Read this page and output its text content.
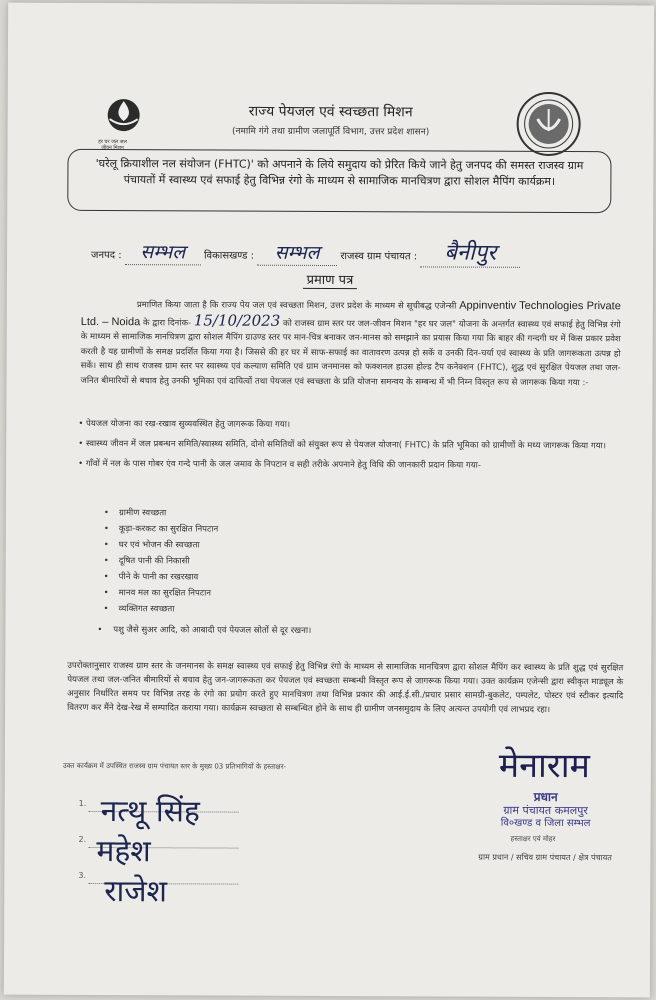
हर घर जल जल जीवन मिशन
राज्य पेयजल एवं स्वच्छता मिशन
(नमामि गंगे तथा ग्रामीण जलापूर्ति विभाग, उत्तर प्रदेश शासन)
'घरेलू क्रियाशील नल संयोजन (FHTC)' को अपनाने के लिये समुदाय को प्रेरित किये जाने हेतु जनपद की समस्त राजस्व ग्राम पंचायतों में स्वास्थ्य एवं सफाई हेतु विभिन्न रंगो के माध्यम से सामाजिक मानचित्रण द्वारा सोशल मैपिंग कार्यक्रम।
जनपद : सम्भल विकासखण्ड : सम्भल राजस्व ग्राम पंचायत : बैनीपुर
प्रमाण पत्र
प्रमाणित किया जाता है कि राज्य पेय जल एवं स्वच्छता मिशन, उत्तर प्रदेश के माध्यम से सूचीबद्ध एजेन्सी Appinventiv Technologies Private Ltd. – Noida के द्वारा दिनांक- 15/10/2023 को राजस्व ग्राम स्तर पर जल-जीवन मिशन "हर घर जल" योजना के अन्तर्गत स्वास्थ्य एवं सफाई हेतु विभिन्न रंगो के माध्यम से सामाजिक मानचित्रण द्वारा सोशल मैपिंग ग्राउण्ड स्तर पर मान-चित्र बनाकर जन-मानस को समझाने का प्रयास किया गया कि बाहर की गन्दगी घर में किस प्रकार प्रवेश करती है यह ग्रामीणों के समक्ष प्रदर्शित किया गया है। जिससे की हर घर में साफ-सफाई का वातावरण उत्पन्न हो सकें व उनकी दिन-चर्या एवं स्वास्थ्य के प्रति जागरूकता उत्पन्न हो सकें। साथ ही साथ राजस्व ग्राम स्तर पर स्वास्थ्य एवं कल्याण समिति एवं ग्राम जनमानस को फक्शनल हाउस होल्ड टैप कनेक्शन (FHTC), शुद्ध एवं सुरक्षित पेयजल तथा जल-जनित बीमारियों से बचाव हेतु उनकी भूमिका एवं दायित्वों तथा पेयजल एवं स्वच्छता के प्रति योजना समन्वय के सम्बन्ध में भी निम्न विस्तृत रूप से जागरूक किया गया :-
• पेयजल योजना का रख-रखाव सुव्यवस्थित हेतु जागरूक किया गया।
• स्वास्थ्य जीवन में जल प्रबन्धन समिति/स्वास्थ्य समिति, दोनो समितियों को संयुक्त रूप से पेयजल योजना( FHTC) के प्रति भूमिका को ग्रामीणों के मध्य जागरूक किया गया।
• गाँवों में नल के पास गोबर एंव गन्दे पानी के जल जमाव के निपटान व सही तरीके अपनाने हेतु विधि की जानकारी प्रदान किया गया-
• ग्रामीण स्वच्छता
• कूड़ा-करकट का सुरक्षित निपटान
• घर एवं भोजन की स्वच्छता
• दूषित पानी की निकासी
• पीने के पानी का रखरखाव
• मानव मल का सुरक्षित निपटान
• व्यक्तिगत स्वच्छता
•    पशु जैसे सुअर आदि, को आबादी एवं पेयजल स्रोतों से दूर रखना।
उपरोक्तानुसार राजस्व ग्राम स्तर के जनमानस के समक्ष स्वास्थ्य एवं सफाई हेतु विभिन्न रंगो के माध्यम से सामाजिक मानचित्रण द्वारा सोशल मैपिंग कर स्वास्थ्य के प्रति शुद्ध एवं सुरक्षित पेयजल तथा जल-जनित बीमारियों से बचाव हेतु जन-जागरूकता कर पेयजल एवं स्वच्छता सम्बन्धी विस्तृत रूप से जागरूक किया गया। उक्त कार्यक्रम एजेन्सी द्वारा स्वीकृत माड्यूल के अनुसार निर्धारित समय पर विभिन्न तरह के रंगो का प्रयोग करते हुए मानचित्रण तथा विभिन्न प्रकार की आई.ई.सी./प्रचार प्रसार सामग्री-बुकलेट, पम्पलेट, पोस्टर एवं स्टीकर इत्यादि वितरण कर मैंने देख-रेख में सम्पादित कराया गया। कार्यक्रम स्वच्छता से सम्बन्धित होने के साथ ही ग्रामीण जनसमुदाय के लिए अत्यन्त उपयोगी एवं लाभप्रद रहा।
उक्त कार्यक्रम में उपस्थित राजस्व ग्राम पंचायत स्तर के मुख्य 03 प्रतिभागियों के हस्ताक्षर-
1. नत्थू सिंह
2. महेश
3. राजेश
मेनाराम
प्रधान
ग्राम पंचायत कमलपुर
वि०खण्ड व जिला सम्भल
हस्ताक्षर एवं मोहर
ग्राम प्रधान / सचिव ग्राम पंचायत / क्षेत्र पंचायत
